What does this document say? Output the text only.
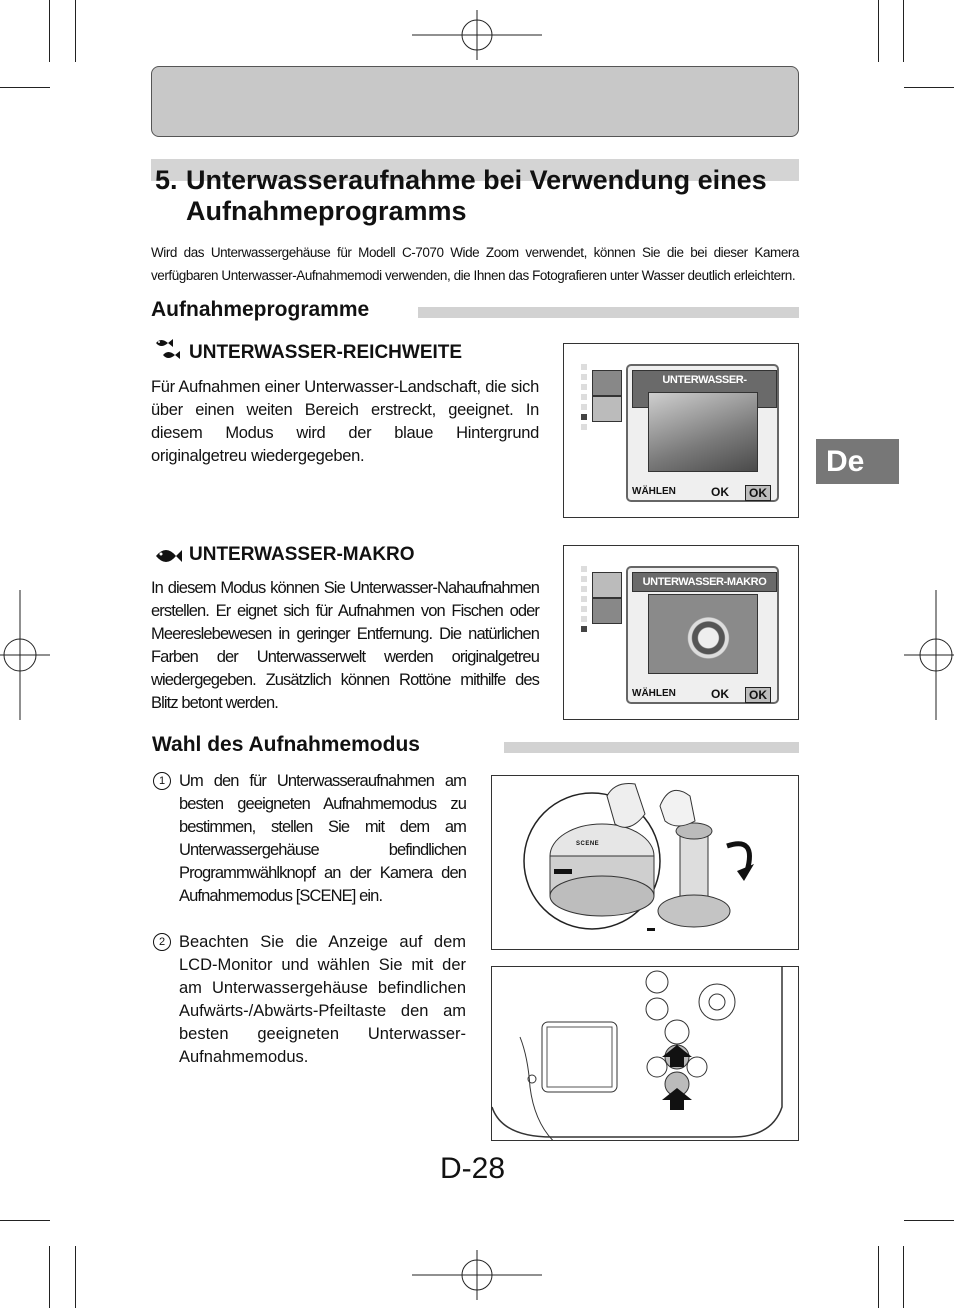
5. Unterwasseraufnahme bei Verwendung eines Aufnahmeprogramms
Wird das Unterwassergehäuse für Modell C-7070 Wide Zoom verwendet, können Sie die bei dieser Kamera verfügbaren Unterwasser-Aufnahmemodi verwenden, die Ihnen das Fotografieren unter Wasser deutlich erleichtern.
Aufnahmeprogramme
UNTERWASSER-REICHWEITE
Für Aufnahmen einer Unterwasser-Landschaft, die sich über einen weiten Bereich erstreckt, geeignet. In diesem Modus wird der blaue Hintergrund originalgetreu wiedergegeben.
UNTERWASSER-
WÄHLEN	OK	OK
UNTERWASSER-MAKRO
In diesem Modus können Sie Unterwasser-Nahaufnahmen erstellen. Er eignet sich für Aufnahmen von Fischen oder Meereslebewesen in geringer Entfernung. Die natürlichen Farben der Unterwasserwelt werden originalgetreu wiedergegeben. Zusätzlich können Rottöne mithilfe des Blitz betont werden.
UNTERWASSER-MAKRO
WÄHLEN	OK	OK
Wahl des Aufnahmemodus
1 Um den für Unterwasseraufnahmen am besten geeigneten Aufnahmemodus zu bestimmen, stellen Sie mit dem am Unterwassergehäuse befindlichen Programmwählknopf an der Kamera den Aufnahmemodus [SCENE] ein.
2 Beachten Sie die Anzeige auf dem LCD-Monitor und wählen Sie mit der am Unterwassergehäuse befindlichen Aufwärts-/Abwärts-Pfeiltaste den am besten geeigneten Unterwasser-Aufnahmemodus.
SCENE
De
D-28
